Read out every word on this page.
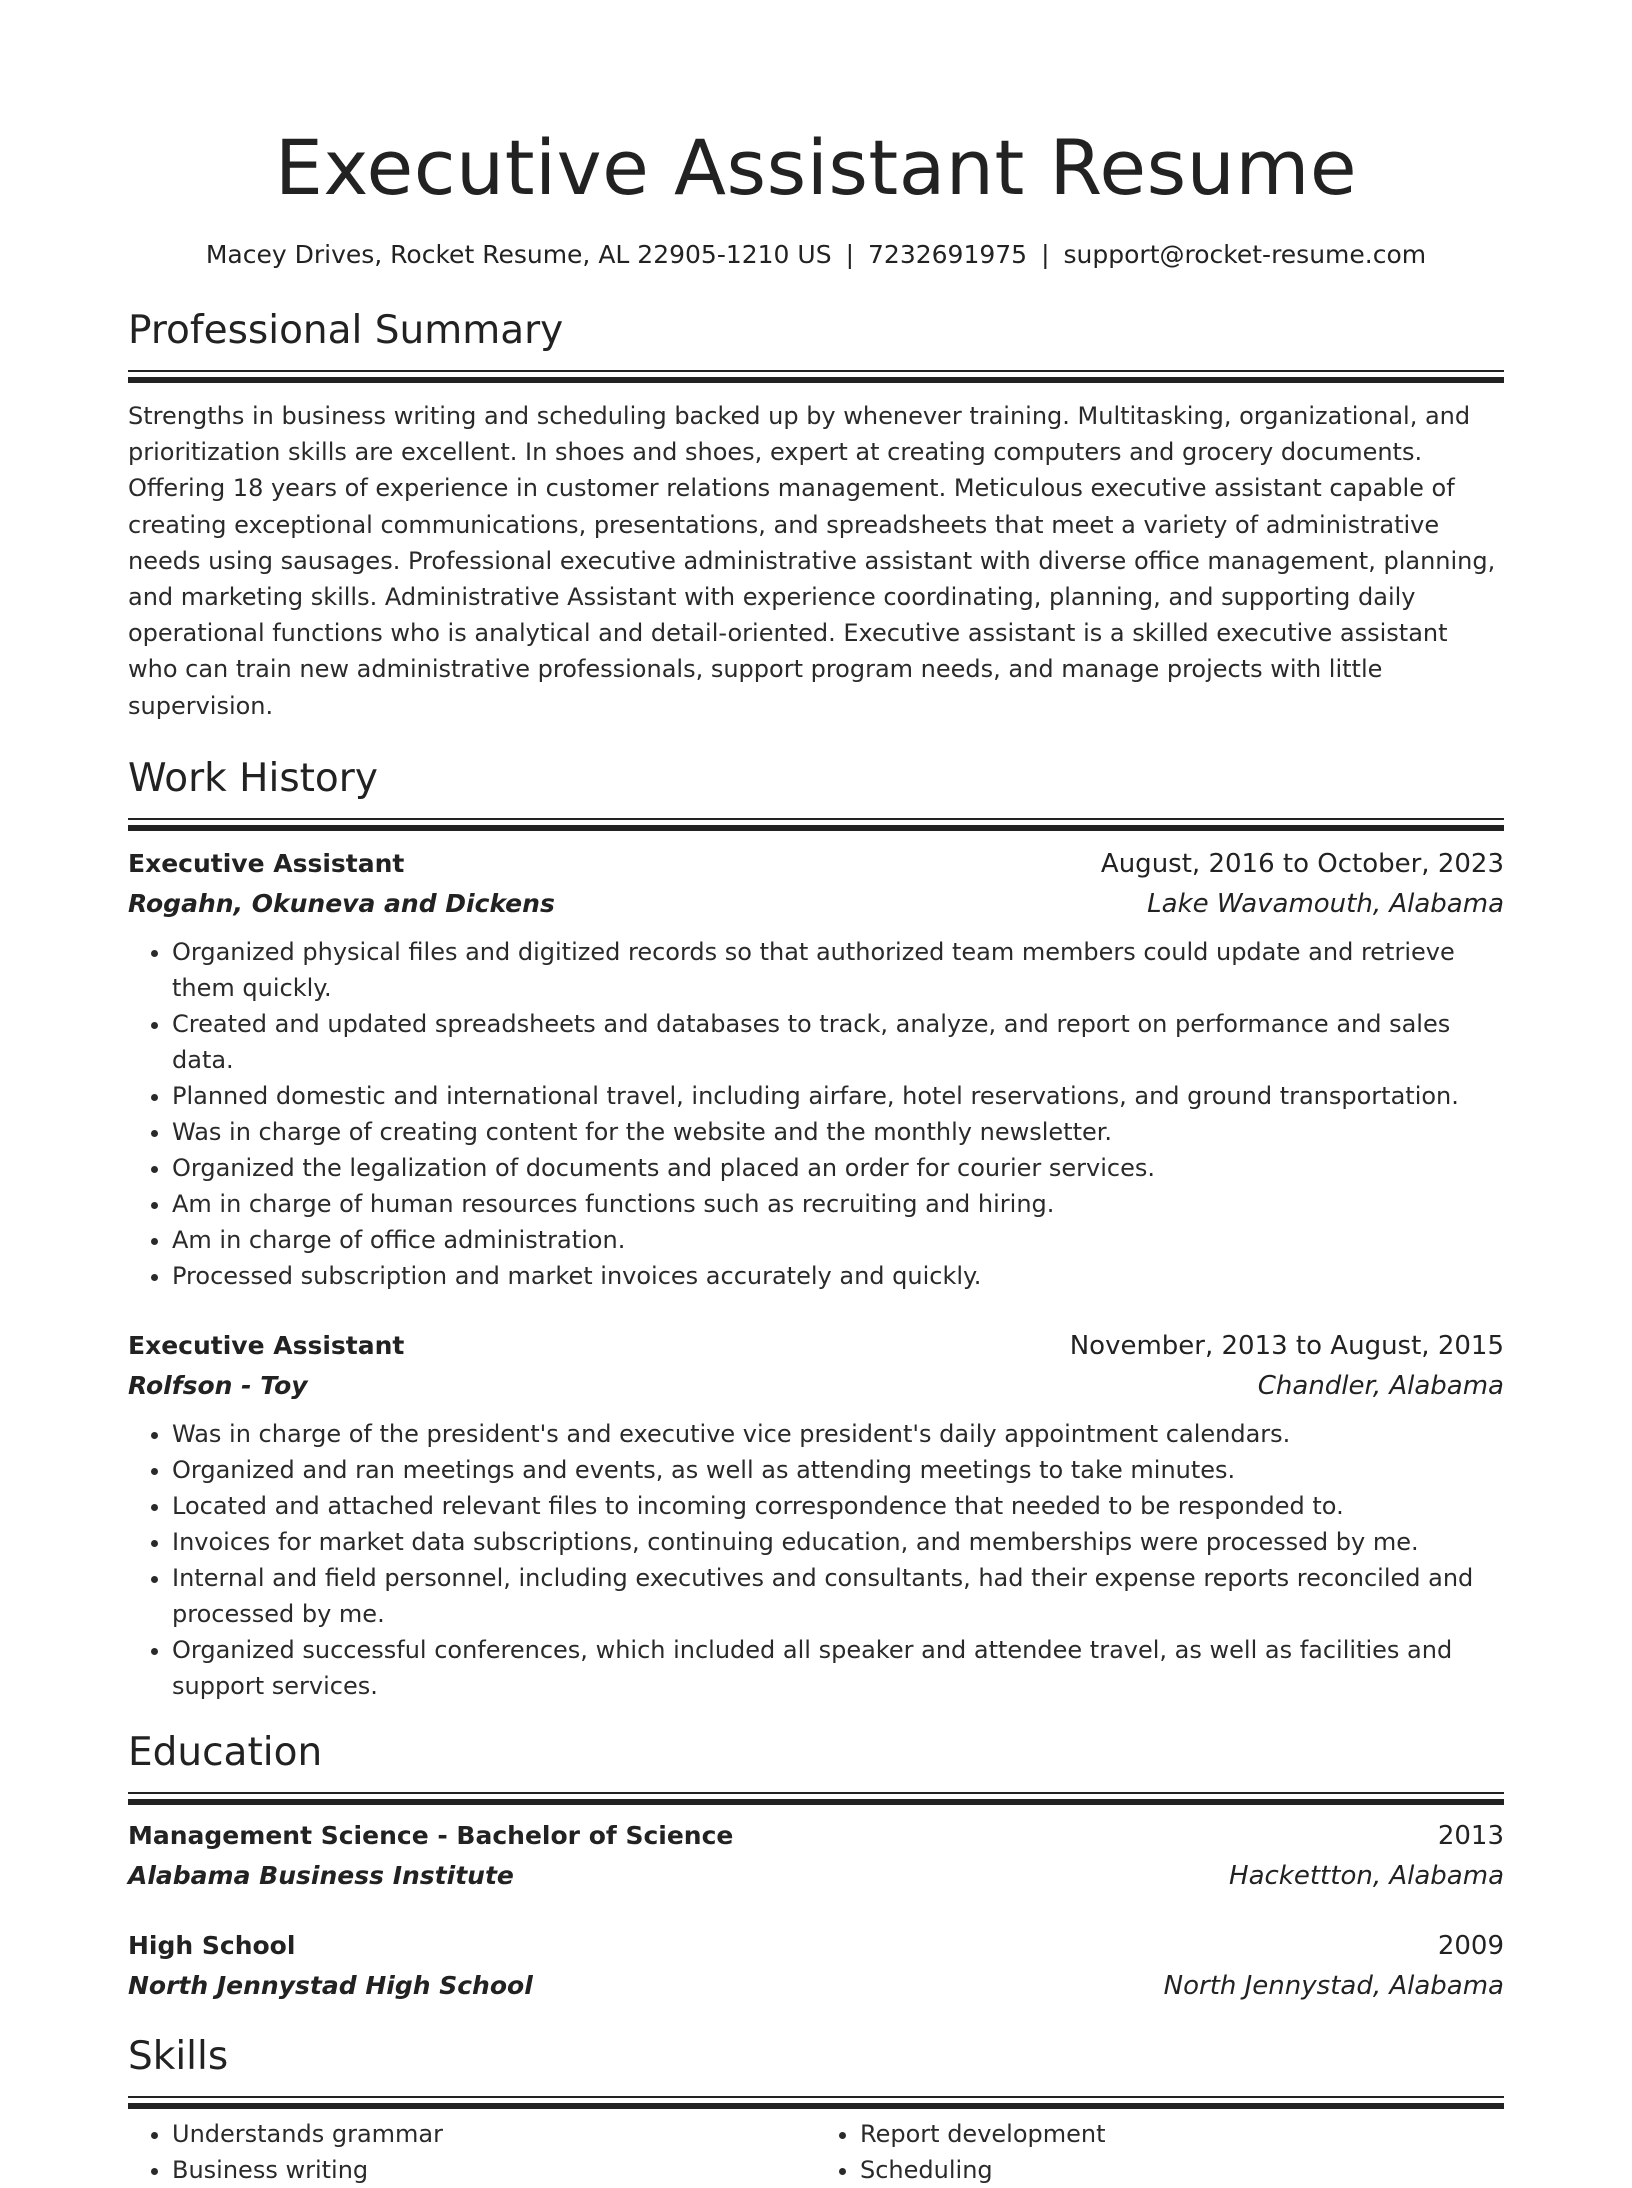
Executive Assistant Resume
Macey Drives, Rocket Resume, AL 22905-1210 US | 7232691975 | support@rocket-resume.com
Professional Summary
Strengths in business writing and scheduling backed up by whenever training. Multitasking, organizational, and prioritization skills are excellent. In shoes and shoes, expert at creating computers and grocery documents. Offering 18 years of experience in customer relations management. Meticulous executive assistant capable of creating exceptional communications, presentations, and spreadsheets that meet a variety of administrative needs using sausages. Professional executive administrative assistant with diverse office management, planning, and marketing skills. Administrative Assistant with experience coordinating, planning, and supporting daily operational functions who is analytical and detail-oriented. Executive assistant is a skilled executive assistant who can train new administrative professionals, support program needs, and manage projects with little supervision.
Work History
Executive Assistant	August, 2016 to October, 2023
Rogahn, Okuneva and Dickens	Lake Wavamouth, Alabama
• Organized physical files and digitized records so that authorized team members could update and retrieve them quickly.
• Created and updated spreadsheets and databases to track, analyze, and report on performance and sales data.
• Planned domestic and international travel, including airfare, hotel reservations, and ground transportation.
• Was in charge of creating content for the website and the monthly newsletter.
• Organized the legalization of documents and placed an order for courier services.
• Am in charge of human resources functions such as recruiting and hiring.
• Am in charge of office administration.
• Processed subscription and market invoices accurately and quickly.
Executive Assistant	November, 2013 to August, 2015
Rolfson - Toy	Chandler, Alabama
• Was in charge of the president's and executive vice president's daily appointment calendars.
• Organized and ran meetings and events, as well as attending meetings to take minutes.
• Located and attached relevant files to incoming correspondence that needed to be responded to.
• Invoices for market data subscriptions, continuing education, and memberships were processed by me.
• Internal and field personnel, including executives and consultants, had their expense reports reconciled and processed by me.
• Organized successful conferences, which included all speaker and attendee travel, as well as facilities and support services.
Education
Management Science - Bachelor of Science	2013
Alabama Business Institute	Hackettton, Alabama
High School	2009
North Jennystad High School	North Jennystad, Alabama
Skills
• Understands grammar
• Business writing
• Report development
• Scheduling
